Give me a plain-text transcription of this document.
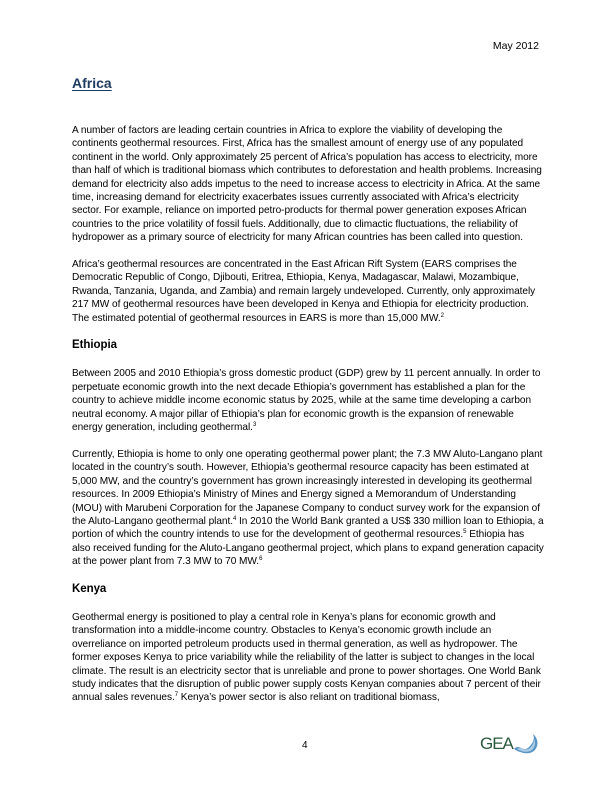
May 2012
Africa

A number of factors are leading certain countries in Africa to explore the viability of developing the continents geothermal resources. First, Africa has the smallest amount of energy use of any populated continent in the world. Only approximately 25 percent of Africa’s population has access to electricity, more than half of which is traditional biomass which contributes to deforestation and health problems. Increasing demand for electricity also adds impetus to the need to increase access to electricity in Africa. At the same time, increasing demand for electricity exacerbates issues currently associated with Africa’s electricity sector. For example, reliance on imported petro-products for thermal power generation exposes African countries to the price volatility of fossil fuels. Additionally, due to climactic fluctuations, the reliability of hydropower as a primary source of electricity for many African countries has been called into question.

Africa’s geothermal resources are concentrated in the East African Rift System (EARS comprises the Democratic Republic of Congo, Djibouti, Eritrea, Ethiopia, Kenya, Madagascar, Malawi, Mozambique, Rwanda, Tanzania, Uganda, and Zambia) and remain largely undeveloped. Currently, only approximately 217 MW of geothermal resources have been developed in Kenya and Ethiopia for electricity production. The estimated potential of geothermal resources in EARS is more than 15,000 MW.$^2$

Ethiopia

Between 2005 and 2010 Ethiopia’s gross domestic product (GDP) grew by 11 percent annually. In order to perpetuate economic growth into the next decade Ethiopia’s government has established a plan for the country to achieve middle income economic status by 2025, while at the same time developing a carbon neutral economy. A major pillar of Ethiopia’s plan for economic growth is the expansion of renewable energy generation, including geothermal.$^3$

Currently, Ethiopia is home to only one operating geothermal power plant; the 7.3 MW Aluto-Langano plant located in the country’s south. However, Ethiopia’s geothermal resource capacity has been estimated at 5,000 MW, and the country’s government has grown increasingly interested in developing its geothermal resources. In 2009 Ethiopia’s Ministry of Mines and Energy signed a Memorandum of Understanding (MOU) with Marubeni Corporation for the Japanese Company to conduct survey work for the expansion of the Aluto-Langano geothermal plant.$^4$ In 2010 the World Bank granted a US$ 330 million loan to Ethiopia, a portion of which the country intends to use for the development of geothermal resources.$^5$ Ethiopia has also received funding for the Aluto-Langano geothermal project, which plans to expand generation capacity at the power plant from 7.3 MW to 70 MW.$^6$

Kenya

Geothermal energy is positioned to play a central role in Kenya’s plans for economic growth and transformation into a middle-income country. Obstacles to Kenya’s economic growth include an overreliance on imported petroleum products used in thermal generation, as well as hydropower. The former exposes Kenya to price variability while the reliability of the latter is subject to changes in the local climate. The result is an electricity sector that is unreliable and prone to power shortages. One World Bank study indicates that the disruption of public power supply costs Kenyan companies about 7 percent of their annual sales revenues.$^7$ Kenya’s power sector is also reliant on traditional biomass,

4	GEA
